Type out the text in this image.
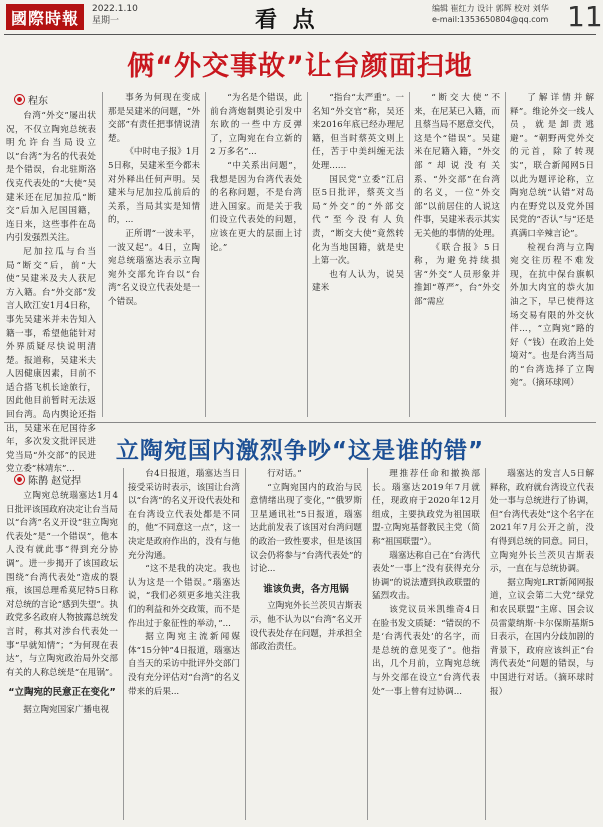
國際時報	2022.1.10
星期一	看 点	编辑 崔红力 设计 郭辉 校对 刘华
e-mail:1353650804@qq.com 11
俩“外交事故”让台颜面扫地
程东

台湾“外交”屡出状况，不仅立陶宛总统表明允许台当局设立以“台湾”为名的代表处是个错误，台北驻斯洛伐克代表处的“大使”吴建米还在尼加拉瓜“断交”后加入尼国国籍，连日来，这些事件在岛内引发强烈关注。

尼加拉瓜与台当局“断交”后，前“大使”吴建米及夫人获尼方入籍。台“外交部”发言人欧江安1月4日称，事先吴建米并未告知入籍一事，希望他能针对外界质疑尽快说明清楚。报道称，吴建米夫人因健康因素，目前不适合搭飞机长途旅行，因此他目前暂时无法返回台湾。岛内舆论还指出，吴建米在尼国待多年，多次发文批评民进党当局“外交部”的民进党立委“林靖东”...

事务为何现在变成那是吴建米的问题，“外交部”有责任把事情说清楚。

《中时电子报》1月5日称，吴建米至今都未对外释出任何声明。吴建米与尼加拉瓜前后的关系，当局其实是知情的，...

正所谓“一波未平，一波又起”。4日，立陶宛总统瑙塞达表示立陶宛外交部允许台以“台湾”名义设立代表处是一个错误。

“为名是个错误，此前台湾炮制舆论引发中东欧的一些中方反弹了，立陶宛在台立新的 2 万多名”...

“中关系出问题”，我想是因为台湾代表处的名称问题，不是台湾进入国家。而是关于我们设立代表处的问题，应该在更大的层面上讨论。”

“指台“太严重”。一名知“外交官”称，吴还来2016年底已经办理尼籍，但当时蔡英文则上任，苦于中美纠缠无法处理……

国民党“立委”江启臣5日批评，蔡英文当局“外交”的“外部交代”至今没有人负责，“断交大使”竟然转化为当地国籍，就是史上第一次。

也有人认为，说吴建米

“断交大使”不来，在尼某已入籍，而且蔡当局不愿意交代，这是个“错误”。吴建米在尼籍入籍，“外交部”却说没有关系、“外交部”在台湾的名义，一位“外交部”以前居住的人说这件事，吴建米表示其实无关他的事情的处理。

《联合报》5日称，为避免持续损害“外交”人员形象并推卸“尊严”，台“外交部”需应

了解详情并解释”。维论外交一线人员，就是卸责逃避”。“朝野两党外交的元首，除了转现实”，联合新闻网5日以此为题评论称，立陶宛总统“认错”对岛内在野党以及党外国民党的“否认”与“还是真满口辛辣言论”。

检视台湾与立陶宛交往历程不难发现，在抗中保台旗帜外加大肉宜的恭火加油之下，早已使得这场交易有限的外交伙伴...，“立陶宛”路的好（“钱）在政治上处境对”。也是台湾当局的“台湾选择了立陶宛”。（摘环球网）

立陶宛国内激烈争吵“这是谁的错”
陈鹊 赵觉捍

立陶宛总统瑙塞达1月4日批评该国政府决定让台当局以“台湾”名义开设“驻立陶宛代表处”是“一个错误”，他本人没有就此事“得到充分协调”。进一步揭开了该国政坛围绕“台湾代表处”造成的裂痕，该国总理希莫尼特5日称对总统的言论“感到失望”。执政党多名政府人物披露总统发言时，称其对涉台代表处一事“早就知情”；“为何现在表达”，与立陶宛政治局外交部有关的人称总统是“在甩锅”。

“立陶宛的民意正在变化”

据立陶宛国家广播电视

台4日报道，瑙塞达当日接受采访时表示，该国让台湾以“台湾”的名义开设代表处和在台湾设立代表处都是不同的，他“不同意这一点”，这一决定是政府作出的，没有与他充分沟通。

“这不是我的决定。我也认为这是一个错误。”瑙塞达说，“我们必须更多地关注我们的利益和外交政策，而不是作出过于象征性的举动，”...

据立陶宛主流新闻媒体“15分钟”4日报道，瑙塞达自当天的采访中批评外交部门没有充分评估对“台湾”的名义带来的后果...

行对话。”

“立陶宛国内的政治与民意情绪出现了变化，”“俄罗斯卫星通讯社”5日报道，瑙塞达此前发表了该国对台湾问题的政治一致性要求，但是该国议会仍将参与“台湾代表处”的讨论...

谁该负责，各方甩锅

立陶宛外长兰茨贝吉斯表示，他不认为以“台湾”名义开设代表处存在问题，并承担全部政治责任。

理推荐任命和撤换部长。瑙塞达2019年7月就任，现政府于2020年12月组成，主要执政党为祖国联盟-立陶宛基督教民主党（简称“祖国联盟”）。

瑙塞达称自己在“台湾代表处”一事上“没有获得充分协调”的说法遭到执政联盟的猛烈攻击。

该党议员米凯维奇4日在脸书发文质疑：“错误的不是‘台湾代表处’的名字，而是总统的意见变了”。他指出，几个月前，立陶宛总统与外交部在设立“台湾代表处”一事上曾有过协调...

瑙塞达的发言人5日解释称，政府就台湾设立代表处一事与总统进行了协调，但“台湾代表处”这个名字在2021年7月公开之前，没有得到总统的同意。同日，立陶宛外长兰茨贝吉斯表示，一直在与总统协调。

据立陶宛LRT新闻网报道，立议会第二大党“绿党和农民联盟”主席、国会议员雷蒙纳斯·卡尔保斯基斯5日表示，在国内分歧加剧的背景下，政府应该纠正“台湾代表处”问题的错误，与中国进行对话。（摘环球时报）
